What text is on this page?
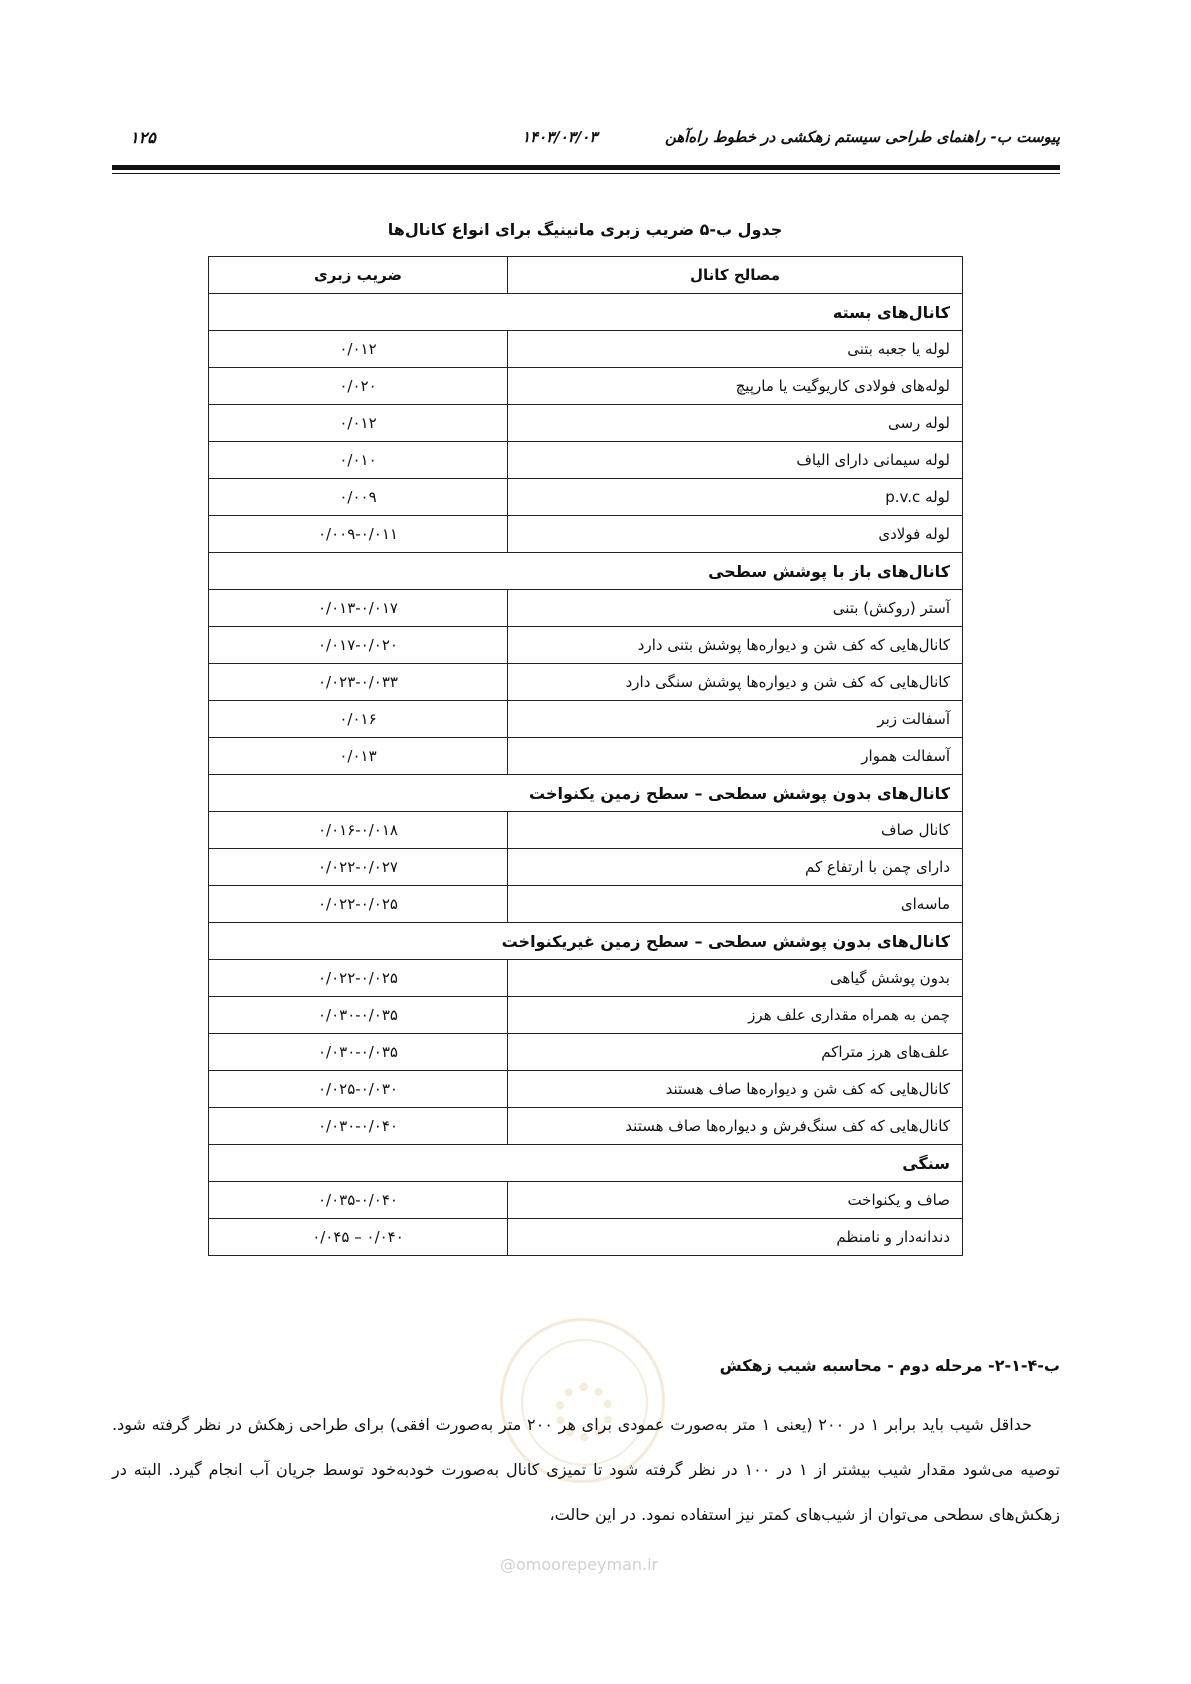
پیوست ب- راهنمای طراحی سیستم زهکشی در خطوط راه‌آهن
۱۴۰۳/۰۳/۰۳
۱۲۵
جدول ب-۵ ضریب زبری مانینیگ برای انواع کانال‌ها
مصالح کانال	ضریب زبری
کانال‌های بسته	
لوله یا جعبه بتنی	۰/۰۱۲
لوله‌های فولادی کاریوگیت یا مارپیچ	۰/۰۲۰
لوله رسی	۰/۰۱۲
لوله سیمانی دارای الیاف	۰/۰۱۰
لوله p.v.c	۰/۰۰۹
لوله فولادی	۰/۰۰۹-۰/۰۱۱
کانال‌های باز با پوشش سطحی	
آستر (روکش) بتنی	۰/۰۱۳-۰/۰۱۷
کانال‌هایی که کف شن و دیواره‌ها پوشش بتنی دارد	۰/۰۱۷-۰/۰۲۰
کانال‌هایی که کف شن و دیواره‌ها پوشش سنگی دارد	۰/۰۲۳-۰/۰۳۳
آسفالت زبر	۰/۰۱۶
آسفالت هموار	۰/۰۱۳
کانال‌های بدون پوشش سطحی – سطح زمین یکنواخت	
کانال صاف	۰/۰۱۶-۰/۰۱۸
دارای چمن با ارتفاع کم	۰/۰۲۲-۰/۰۲۷
ماسه‌ای	۰/۰۲۲-۰/۰۲۵
کانال‌های بدون پوشش سطحی – سطح زمین غیریکنواخت	
بدون پوشش گیاهی	۰/۰۲۲-۰/۰۲۵
چمن به همراه مقداری علف هرز	۰/۰۳۰-۰/۰۳۵
علف‌های هرز متراکم	۰/۰۳۰-۰/۰۳۵
کانال‌هایی که کف شن و دیواره‌ها صاف هستند	۰/۰۲۵-۰/۰۳۰
کانال‌هایی که کف سنگ‌فرش و دیواره‌ها صاف هستند	۰/۰۳۰-۰/۰۴۰
سنگی	
صاف و یکنواخت	۰/۰۳۵-۰/۰۴۰
دندانه‌دار و نامنظم	۰/۰۴۰ – ۰/۰۴۵
ب-۴-۱-۲- مرحله دوم - محاسبه شیب زهکش

حداقل شیب باید برابر ۱ در ۲۰۰ (یعنی ۱ متر به‌صورت عمودی برای هر ۲۰۰ متر به‌صورت افقی) برای طراحی زهکش در نظر گرفته شود. توصیه می‌شود مقدار شیب بیشتر از ۱ در ۱۰۰ در نظر گرفته شود تا تمیزی کانال به‌صورت خودبه‌خود توسط جریان آب انجام گیرد. البته در زهکش‌های سطحی می‌توان از شیب‌های کمتر نیز استفاده نمود. در این حالت،

@omoorepeyman.ir
